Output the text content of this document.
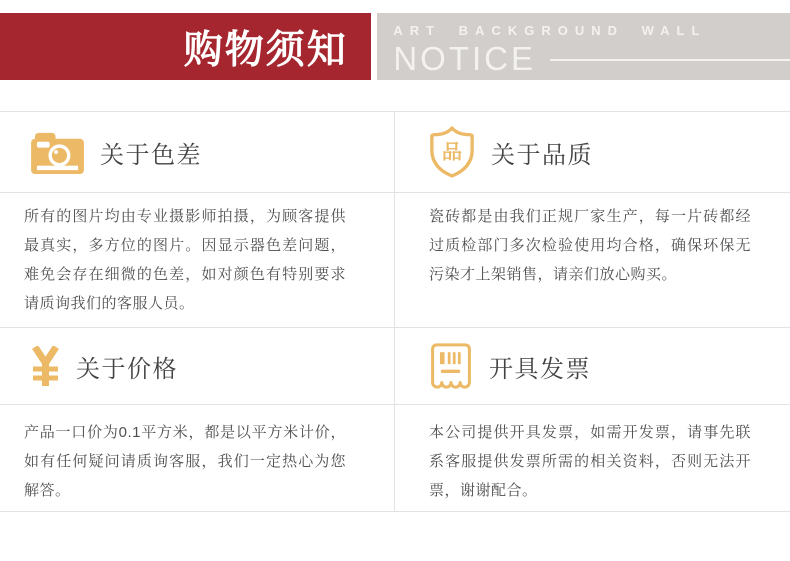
购物须知	ART BACKGROUND WALL
NOTICE
关于色差	品 关于品质

所有的图片均由专业摄影师拍摄，为顾客提供最真实，多方位的图片。因显示器色差问题，难免会存在细微的色差，如对颜色有特别要求请质询我们的客服人员。

瓷砖都是由我们正规厂家生产，每一片砖都经过质检部门多次检验使用均合格，确保环保无污染才上架销售，请亲们放心购买。

关于价格	开具发票

产品一口价为0.1平方米，都是以平方米计价，如有任何疑问请质询客服，我们一定热心为您解答。

本公司提供开具发票，如需开发票，请事先联系客服提供发票所需的相关资料，否则无法开票，谢谢配合。
